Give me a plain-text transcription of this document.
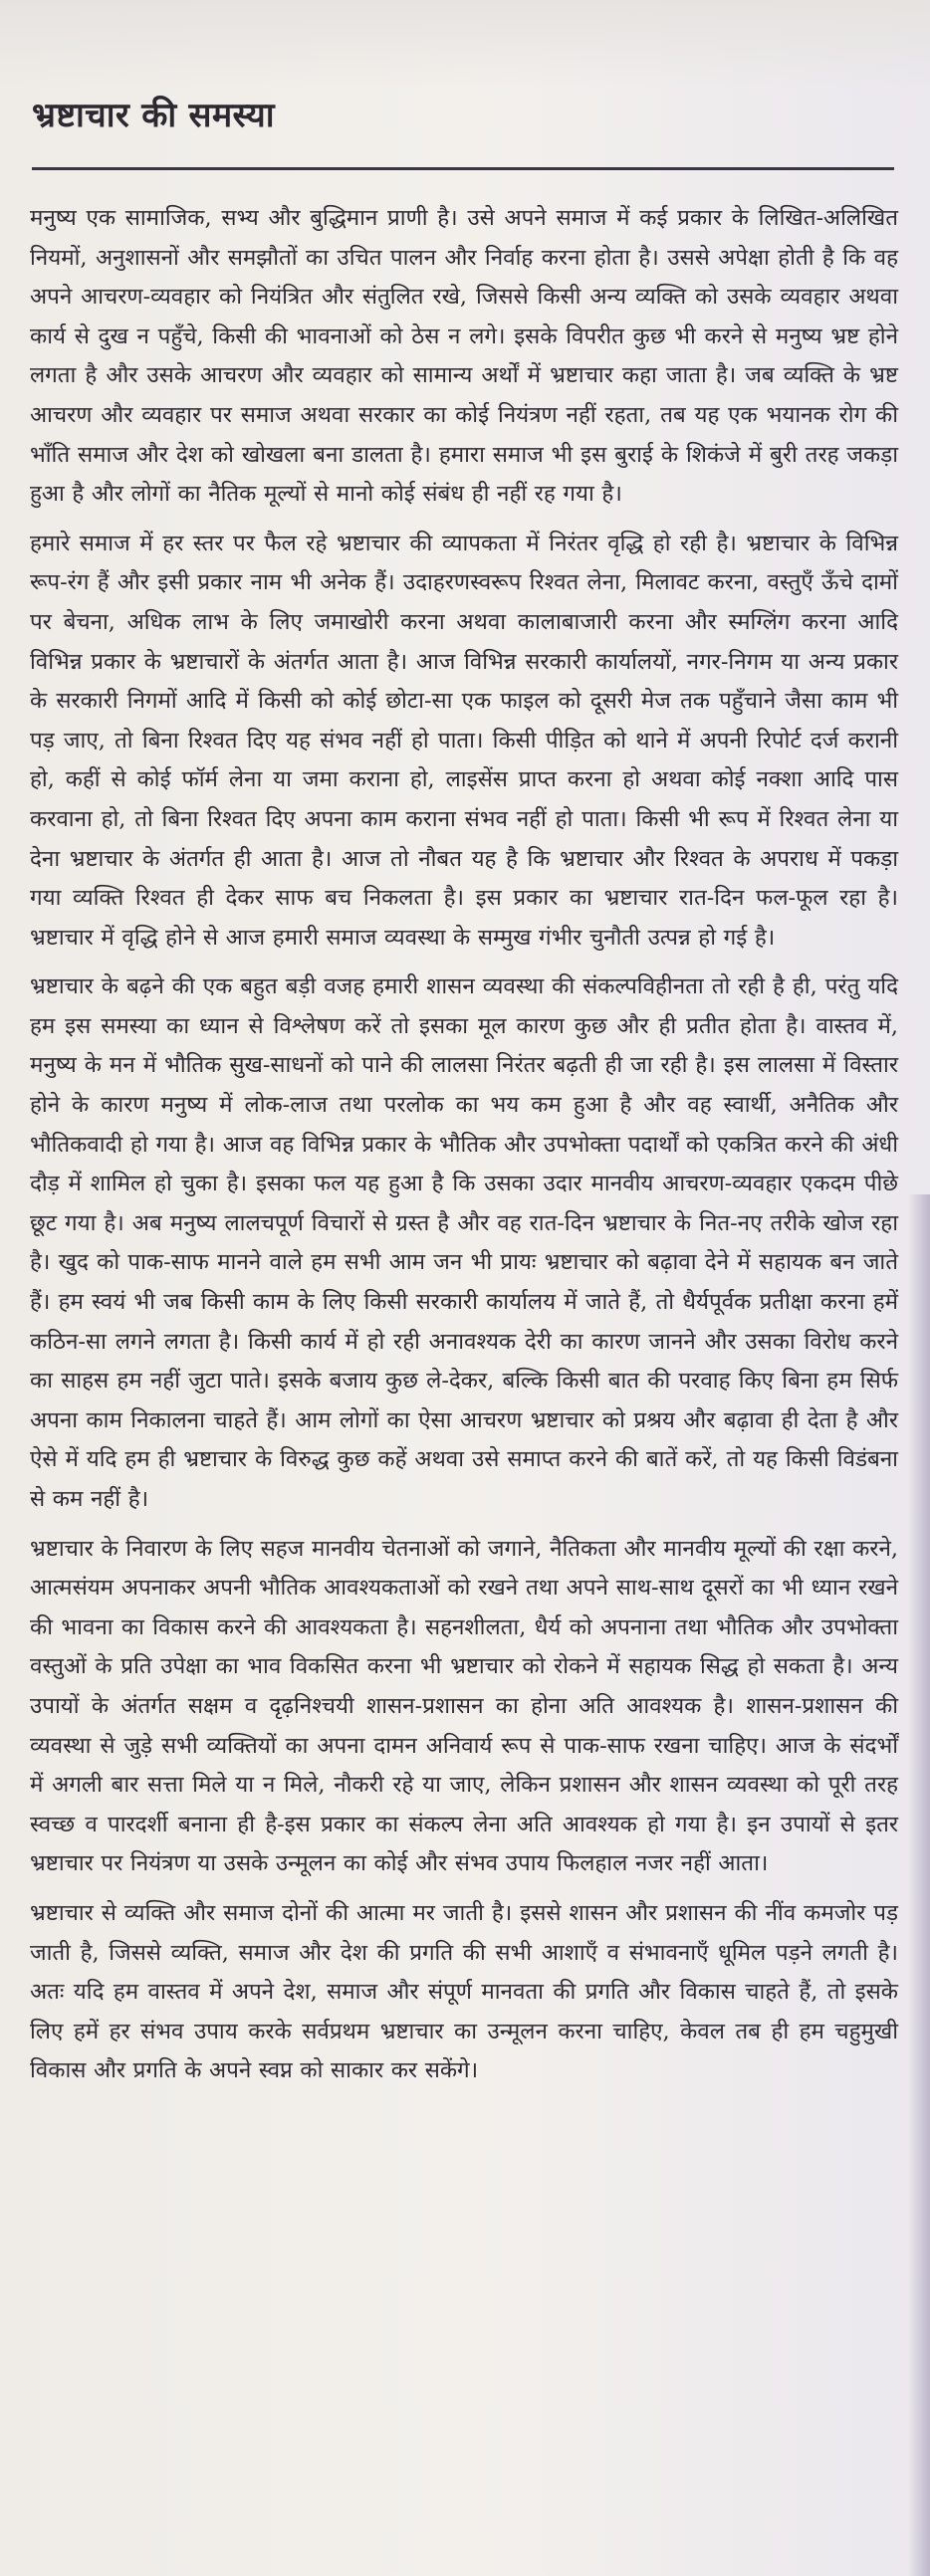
भ्रष्टाचार की समस्या

मनुष्य एक सामाजिक, सभ्य और बुद्धिमान प्राणी है। उसे अपने समाज में कई प्रकार के लिखित-अलिखित नियमों, अनुशासनों और समझौतों का उचित पालन और निर्वाह करना होता है। उससे अपेक्षा होती है कि वह अपने आचरण-व्यवहार को नियंत्रित और संतुलित रखे, जिससे किसी अन्य व्यक्ति को उसके व्यवहार अथवा कार्य से दुख न पहुँचे, किसी की भावनाओं को ठेस न लगे। इसके विपरीत कुछ भी करने से मनुष्य भ्रष्ट होने लगता है और उसके आचरण और व्यवहार को सामान्य अर्थों में भ्रष्टाचार कहा जाता है। जब व्यक्ति के भ्रष्ट आचरण और व्यवहार पर समाज अथवा सरकार का कोई नियंत्रण नहीं रहता, तब यह एक भयानक रोग की भाँति समाज और देश को खोखला बना डालता है। हमारा समाज भी इस बुराई के शिकंजे में बुरी तरह जकड़ा हुआ है और लोगों का नैतिक मूल्यों से मानो कोई संबंध ही नहीं रह गया है।

हमारे समाज में हर स्तर पर फैल रहे भ्रष्टाचार की व्यापकता में निरंतर वृद्धि हो रही है। भ्रष्टाचार के विभिन्न रूप-रंग हैं और इसी प्रकार नाम भी अनेक हैं। उदाहरणस्वरूप रिश्वत लेना, मिलावट करना, वस्तुएँ ऊँचे दामों पर बेचना, अधिक लाभ के लिए जमाखोरी करना अथवा कालाबाजारी करना और स्मग्लिंग करना आदि विभिन्न प्रकार के भ्रष्टाचारों के अंतर्गत आता है। आज विभिन्न सरकारी कार्यालयों, नगर-निगम या अन्य प्रकार के सरकारी निगमों आदि में किसी को कोई छोटा-सा एक फाइल को दूसरी मेज तक पहुँचाने जैसा काम भी पड़ जाए, तो बिना रिश्वत दिए यह संभव नहीं हो पाता। किसी पीड़ित को थाने में अपनी रिपोर्ट दर्ज करानी हो, कहीं से कोई फॉर्म लेना या जमा कराना हो, लाइसेंस प्राप्त करना हो अथवा कोई नक्शा आदि पास करवाना हो, तो बिना रिश्वत दिए अपना काम कराना संभव नहीं हो पाता। किसी भी रूप में रिश्वत लेना या देना भ्रष्टाचार के अंतर्गत ही आता है। आज तो नौबत यह है कि भ्रष्टाचार और रिश्वत के अपराध में पकड़ा गया व्यक्ति रिश्वत ही देकर साफ बच निकलता है। इस प्रकार का भ्रष्टाचार रात-दिन फल-फूल रहा है। भ्रष्टाचार में वृद्धि होने से आज हमारी समाज व्यवस्था के सम्मुख गंभीर चुनौती उत्पन्न हो गई है।

भ्रष्टाचार के बढ़ने की एक बहुत बड़ी वजह हमारी शासन व्यवस्था की संकल्पविहीनता तो रही है ही, परंतु यदि हम इस समस्या का ध्यान से विश्लेषण करें तो इसका मूल कारण कुछ और ही प्रतीत होता है। वास्तव में, मनुष्य के मन में भौतिक सुख-साधनों को पाने की लालसा निरंतर बढ़ती ही जा रही है। इस लालसा में विस्तार होने के कारण मनुष्य में लोक-लाज तथा परलोक का भय कम हुआ है और वह स्वार्थी, अनैतिक और भौतिकवादी हो गया है। आज वह विभिन्न प्रकार के भौतिक और उपभोक्ता पदार्थों को एकत्रित करने की अंधी दौड़ में शामिल हो चुका है। इसका फल यह हुआ है कि उसका उदार मानवीय आचरण-व्यवहार एकदम पीछे छूट गया है। अब मनुष्य लालचपूर्ण विचारों से ग्रस्त है और वह रात-दिन भ्रष्टाचार के नित-नए तरीके खोज रहा है। खुद को पाक-साफ मानने वाले हम सभी आम जन भी प्रायः भ्रष्टाचार को बढ़ावा देने में सहायक बन जाते हैं। हम स्वयं भी जब किसी काम के लिए किसी सरकारी कार्यालय में जाते हैं, तो धैर्यपूर्वक प्रतीक्षा करना हमें कठिन-सा लगने लगता है। किसी कार्य में हो रही अनावश्यक देरी का कारण जानने और उसका विरोध करने का साहस हम नहीं जुटा पाते। इसके बजाय कुछ ले-देकर, बल्कि किसी बात की परवाह किए बिना हम सिर्फ अपना काम निकालना चाहते हैं। आम लोगों का ऐसा आचरण भ्रष्टाचार को प्रश्रय और बढ़ावा ही देता है और ऐसे में यदि हम ही भ्रष्टाचार के विरुद्ध कुछ कहें अथवा उसे समाप्त करने की बातें करें, तो यह किसी विडंबना से कम नहीं है।

भ्रष्टाचार के निवारण के लिए सहज मानवीय चेतनाओं को जगाने, नैतिकता और मानवीय मूल्यों की रक्षा करने, आत्मसंयम अपनाकर अपनी भौतिक आवश्यकताओं को रखने तथा अपने साथ-साथ दूसरों का भी ध्यान रखने की भावना का विकास करने की आवश्यकता है। सहनशीलता, धैर्य को अपनाना तथा भौतिक और उपभोक्ता वस्तुओं के प्रति उपेक्षा का भाव विकसित करना भी भ्रष्टाचार को रोकने में सहायक सिद्ध हो सकता है। अन्य उपायों के अंतर्गत सक्षम व दृढ़निश्चयी शासन-प्रशासन का होना अति आवश्यक है। शासन-प्रशासन की व्यवस्था से जुड़े सभी व्यक्तियों का अपना दामन अनिवार्य रूप से पाक-साफ रखना चाहिए। आज के संदर्भों में अगली बार सत्ता मिले या न मिले, नौकरी रहे या जाए, लेकिन प्रशासन और शासन व्यवस्था को पूरी तरह स्वच्छ व पारदर्शी बनाना ही है-इस प्रकार का संकल्प लेना अति आवश्यक हो गया है। इन उपायों से इतर भ्रष्टाचार पर नियंत्रण या उसके उन्मूलन का कोई और संभव उपाय फिलहाल नजर नहीं आता।

भ्रष्टाचार से व्यक्ति और समाज दोनों की आत्मा मर जाती है। इससे शासन और प्रशासन की नींव कमजोर पड़ जाती है, जिससे व्यक्ति, समाज और देश की प्रगति की सभी आशाएँ व संभावनाएँ धूमिल पड़ने लगती है। अतः यदि हम वास्तव में अपने देश, समाज और संपूर्ण मानवता की प्रगति और विकास चाहते हैं, तो इसके लिए हमें हर संभव उपाय करके सर्वप्रथम भ्रष्टाचार का उन्मूलन करना चाहिए, केवल तब ही हम चहुमुखी विकास और प्रगति के अपने स्वप्न को साकार कर सकेंगे।
